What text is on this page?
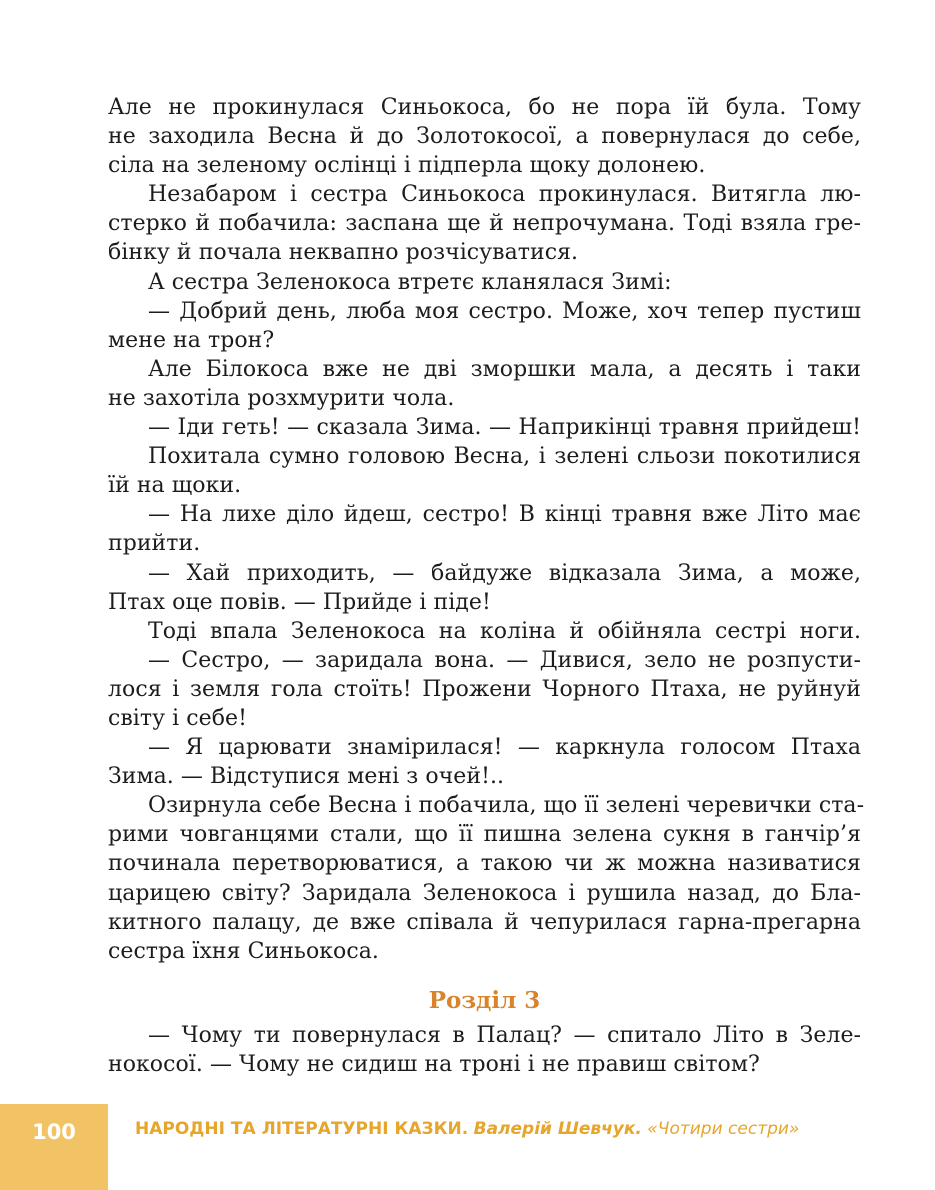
Але не прокинулася Синьокоса, бо не пора їй була. Тому
не заходила Весна й до Золотокосої, а повернулася до себе,
сіла на зеленому ослінці і підперла щоку долонею.
Незабаром і сестра Синьокоса прокинулася. Витягла лю-
стерко й побачила: заспана ще й непрочумана. Тоді взяла гре-
бінку й почала неквапно розчісуватися.
А сестра Зеленокоса втретє кланялася Зимі:
— Добрий день, люба моя сестро. Може, хоч тепер пустиш
мене на трон?
Але Білокоса вже не дві зморшки мала, а десять і таки
не захотіла розхмурити чола.
— Іди геть! — сказала Зима. — Наприкінці травня прийдеш!
Похитала сумно головою Весна, і зелені сльози покотилися
їй на щоки.
— На лихе діло йдеш, сестро! В кінці травня вже Літо має
прийти.
— Хай приходить, — байдуже відказала Зима, а може,
Птах оце повів. — Прийде і піде!
Тоді впала Зеленокоса на коліна й обійняла сестрі ноги.
— Сестро, — заридала вона. — Дивися, зело не розпусти-
лося і земля гола стоїть! Прожени Чорного Птаха, не руйнуй
світу і себе!
— Я царювати знамірилася! — каркнула голосом Птаха
Зима. — Відступися мені з очей!..
Озирнула себе Весна і побачила, що її зелені черевички ста-
рими човганцями стали, що її пишна зелена сукня в ганчір’я
починала перетворюватися, а такою чи ж можна називатися
царицею світу? Заридала Зеленокоса і рушила назад, до Бла-
китного палацу, де вже співала й чепурилася гарна-прегарна
сестра їхня Синьокоса.
Розділ 3
— Чому ти повернулася в Палац? — спитало Літо в Зеле-
нокосої. — Чому не сидиш на троні і не правиш світом?
100	НАРОДНІ ТА ЛІТЕРАТУРНІ КАЗКИ. Валерій Шевчук. «Чотири сестри»
